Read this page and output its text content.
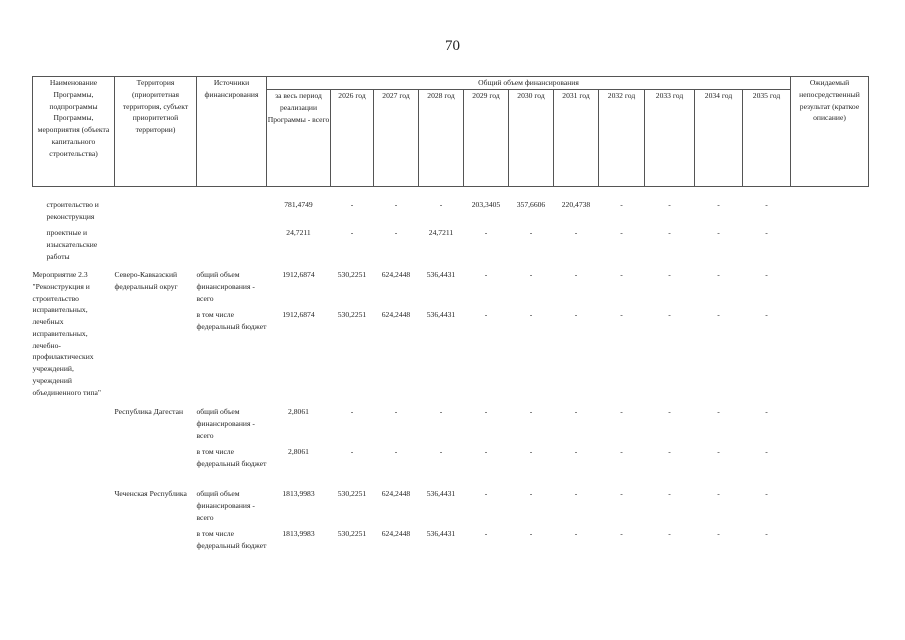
70
Наименование Программы, подпрограммы Программы, мероприятия (объекта капитального строительства)	Территория (приоритетная территория, субъект приоритетной территории)	Источники финансирования	Общий объем финансирования											Ожидаемый непосредственный результат (краткое описание)
			за весь период реализации Программы - всего	2026 год	2027 год	2028 год	2029 год	2030 год	2031 год	2032 год	2033 год	2034 год	2035 год	

строительство и реконструкция			781,4749	-	-	-	203,3405	357,6606	220,4738	-	-	-	-	
проектные и изыскательские работы			24,7211	-	-	24,7211	-	-	-	-	-	-	-	
Мероприятие 2.3 "Реконструкция и строительство исправительных, лечебных исправительных, лечебно-профилактических учреждений, учреждений объединенного типа"	Северо-Кавказский федеральный округ	общий объем финансирования - всего	1912,6874	530,2251	624,2448	536,4431	-	-	-	-	-	-	-	
		в том числе федеральный бюджет	1912,6874	530,2251	624,2448	536,4431	-	-	-	-	-	-	-	
	Республика Дагестан	общий объем финансирования - всего	2,8061	-	-	-	-	-	-	-	-	-	-	
		в том числе федеральный бюджет	2,8061	-	-	-	-	-	-	-	-	-	-	
	Чеченская Республика	общий объем финансирования - всего	1813,9983	530,2251	624,2448	536,4431	-	-	-	-	-	-	-	
		в том числе федеральный бюджет	1813,9983	530,2251	624,2448	536,4431	-	-	-	-	-	-	-	
